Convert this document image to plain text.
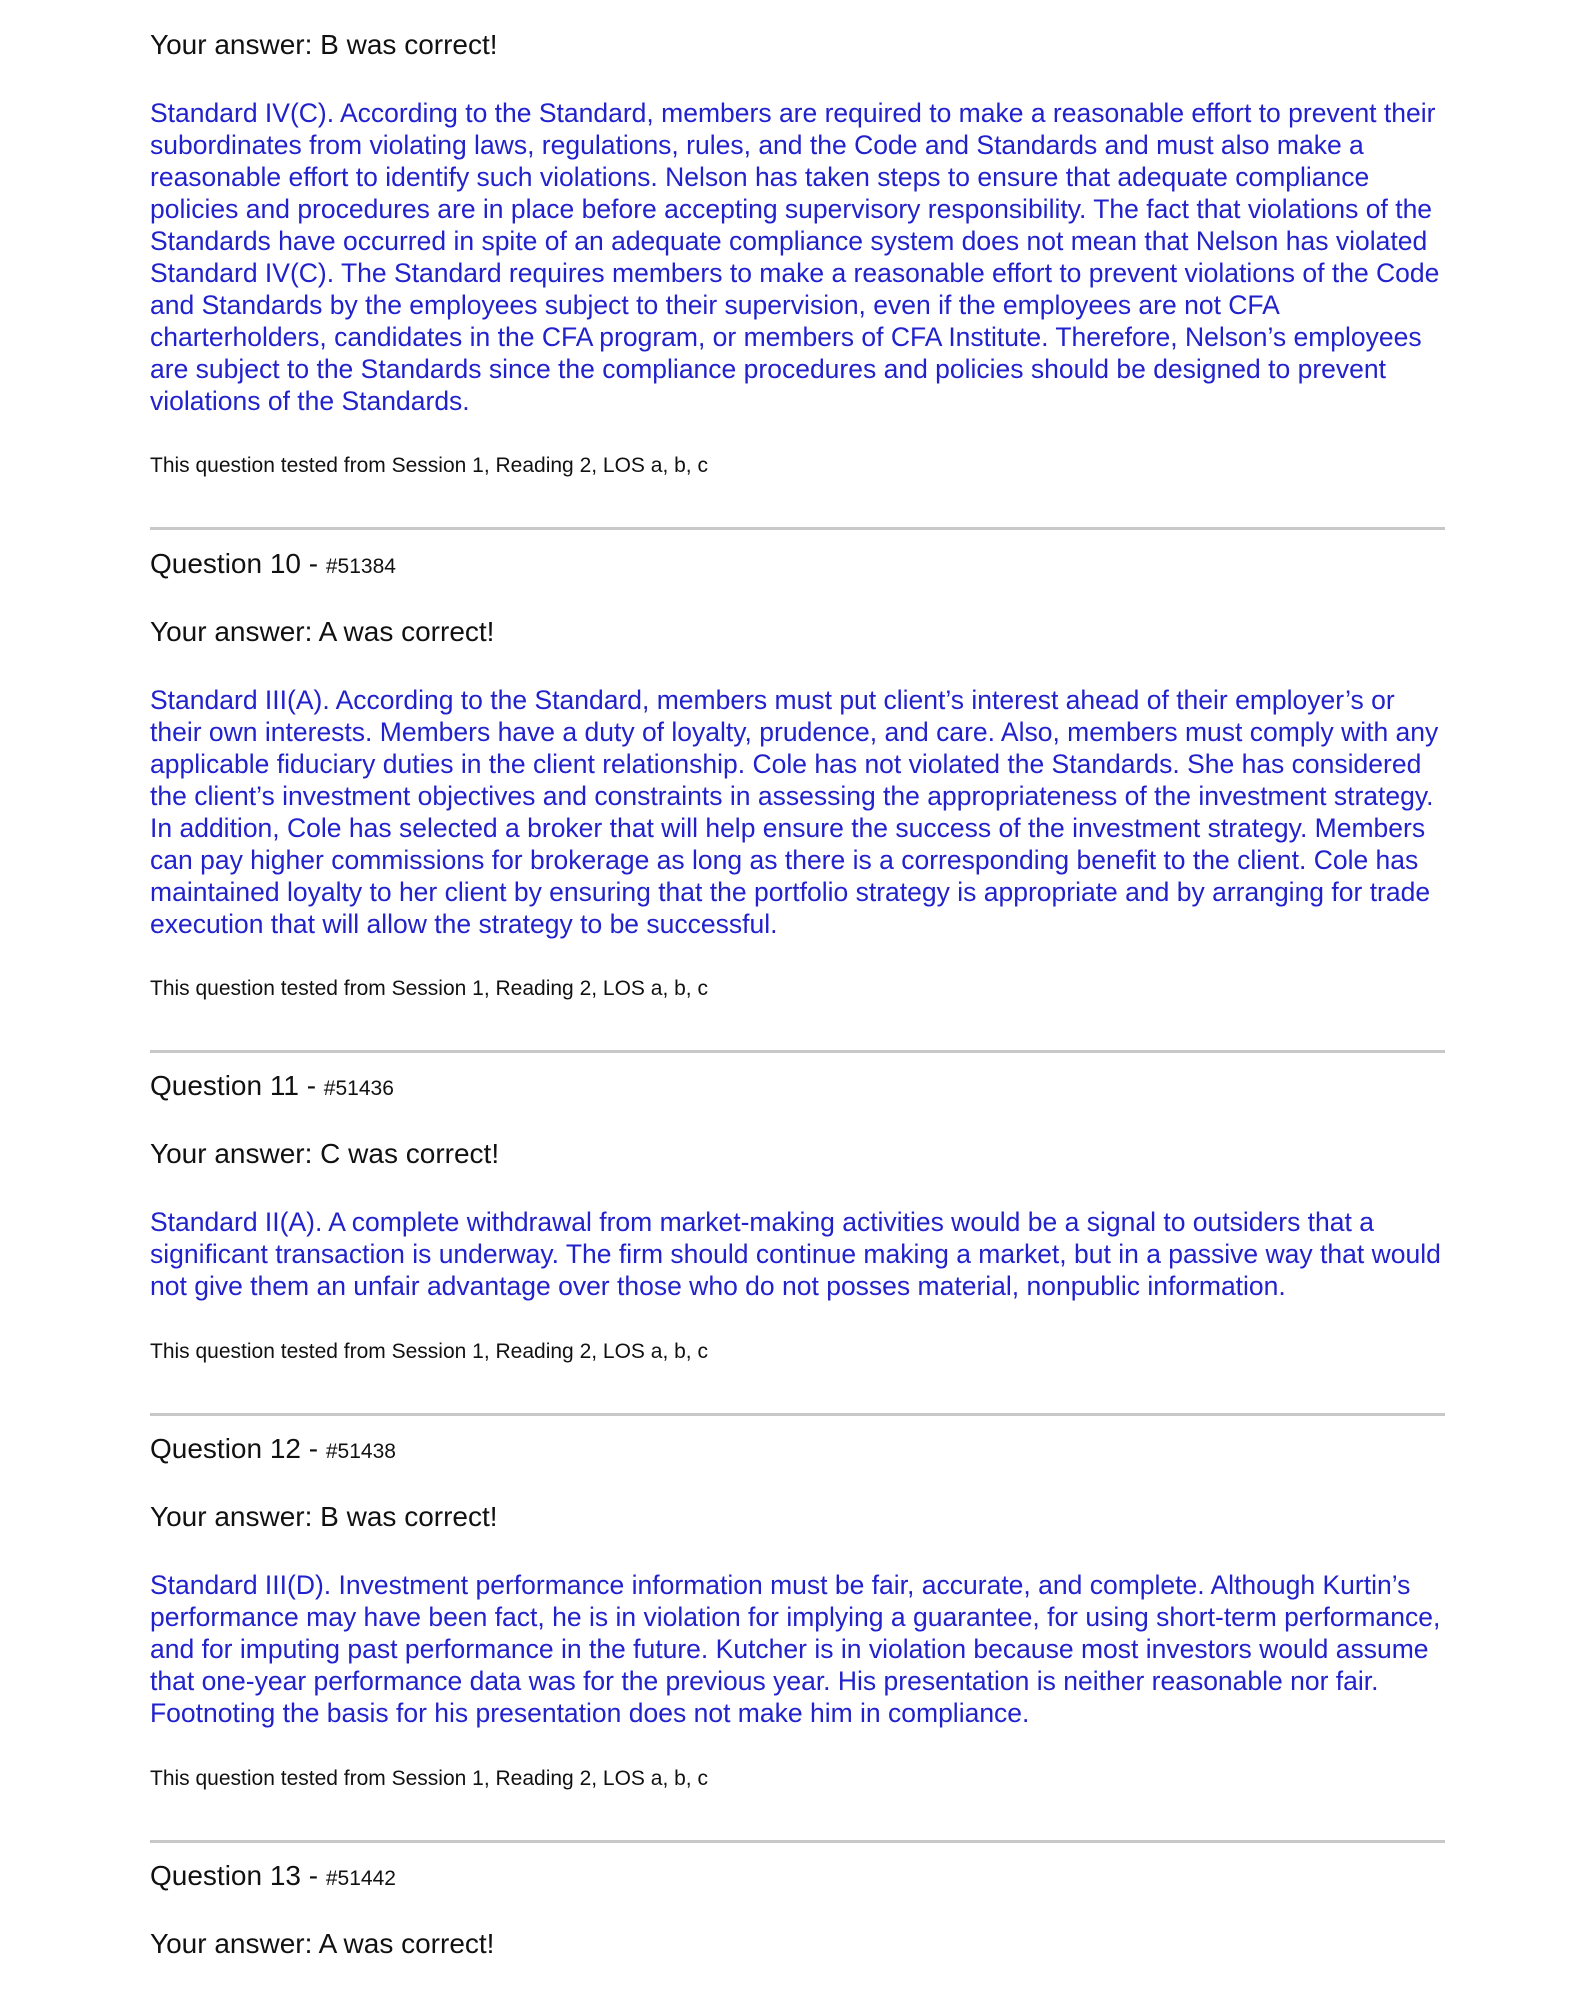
Your answer: B was correct!

Standard IV(C). According to the Standard, members are required to make a reasonable effort to prevent their subordinates from violating laws, regulations, rules, and the Code and Standards and must also make a reasonable effort to identify such violations. Nelson has taken steps to ensure that adequate compliance policies and procedures are in place before accepting supervisory responsibility. The fact that violations of the Standards have occurred in spite of an adequate compliance system does not mean that Nelson has violated Standard IV(C). The Standard requires members to make a reasonable effort to prevent violations of the Code and Standards by the employees subject to their supervision, even if the employees are not CFA charterholders, candidates in the CFA program, or members of CFA Institute. Therefore, Nelson’s employees are subject to the Standards since the compliance procedures and policies should be designed to prevent violations of the Standards.

This question tested from Session 1, Reading 2, LOS a, b, c

Question 10 - #51384

Your answer: A was correct!

Standard III(A). According to the Standard, members must put client’s interest ahead of their employer’s or their own interests. Members have a duty of loyalty, prudence, and care. Also, members must comply with any applicable fiduciary duties in the client relationship. Cole has not violated the Standards. She has considered the client’s investment objectives and constraints in assessing the appropriateness of the investment strategy. In addition, Cole has selected a broker that will help ensure the success of the investment strategy. Members can pay higher commissions for brokerage as long as there is a corresponding benefit to the client. Cole has maintained loyalty to her client by ensuring that the portfolio strategy is appropriate and by arranging for trade execution that will allow the strategy to be successful.

This question tested from Session 1, Reading 2, LOS a, b, c

Question 11 - #51436

Your answer: C was correct!

Standard II(A). A complete withdrawal from market-making activities would be a signal to outsiders that a significant transaction is underway. The firm should continue making a market, but in a passive way that would not give them an unfair advantage over those who do not posses material, nonpublic information.

This question tested from Session 1, Reading 2, LOS a, b, c

Question 12 - #51438

Your answer: B was correct!

Standard III(D). Investment performance information must be fair, accurate, and complete. Although Kurtin’s performance may have been fact, he is in violation for implying a guarantee, for using short-term performance, and for imputing past performance in the future. Kutcher is in violation because most investors would assume that one-year performance data was for the previous year. His presentation is neither reasonable nor fair. Footnoting the basis for his presentation does not make him in compliance.

This question tested from Session 1, Reading 2, LOS a, b, c

Question 13 - #51442

Your answer: A was correct!
